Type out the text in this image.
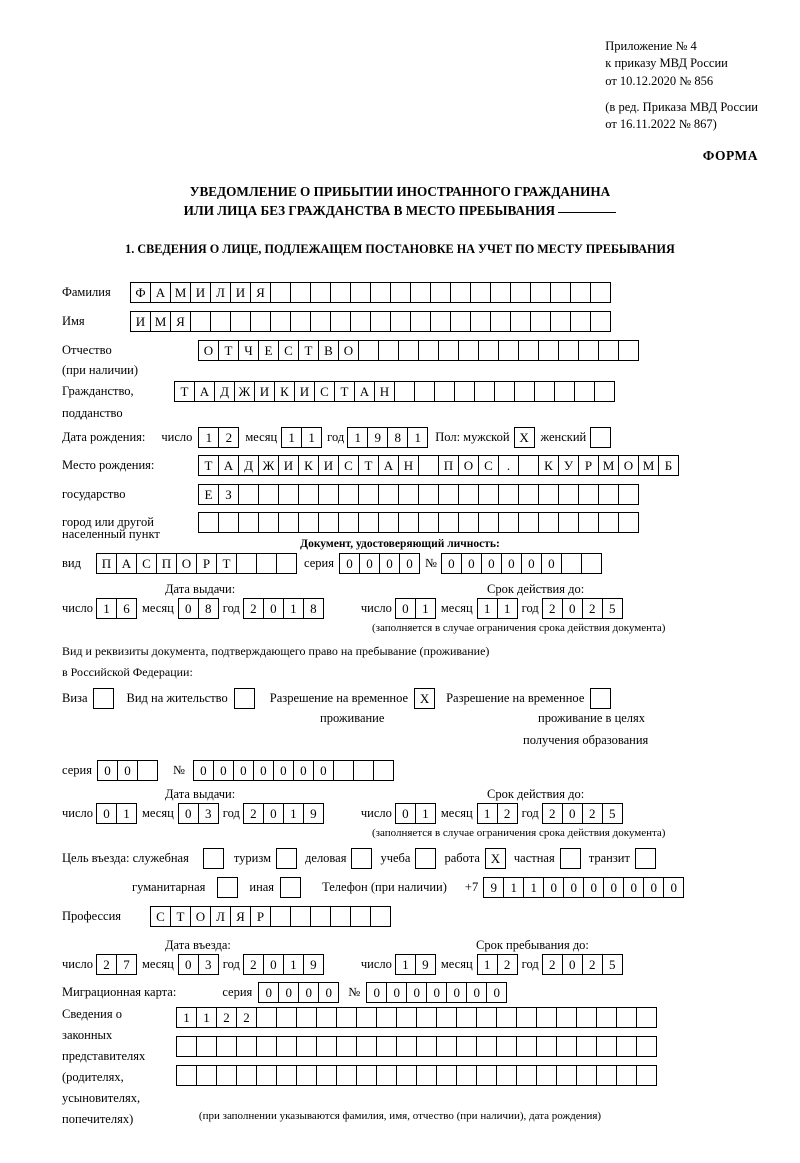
Приложение № 4
к приказу МВД России
от 10.12.2020 № 856
(в ред. Приказа МВД России
от 16.11.2022 № 867)
ФОРМА
УВЕДОМЛЕНИЕ О ПРИБЫТИИ ИНОСТРАННОГО ГРАЖДАНИНА
ИЛИ ЛИЦА БЕЗ ГРАЖДАНСТВА В МЕСТО ПРЕБЫВАНИЯ
1. СВЕДЕНИЯ О ЛИЦЕ, ПОДЛЕЖАЩЕМ ПОСТАНОВКЕ НА УЧЕТ ПО МЕСТУ ПРЕБЫВАНИЯ
Фамилия	Ф А М И Л И Я
Имя	И М Я
Отчество	О Т Ч Е С Т В О
(при наличии)
Гражданство,	Т А Д Ж И К И С Т А Н
подданство
Дата рождения: число	1	2	месяц 1	1 год 1	9	8	1	Пол: мужской Х женский
Место рождения:	Т А Д Ж И К И С Т А Н	П О С	.	К У Р М О М Б
государство	Е З
город или другой
населенный пункт
Документ, удостоверяющий личность:
вид	П А С П О Р Т	серия 0	0	0	0 № 0	0	0	0	0	0
Дата выдачи:	Срок действия до:
число 1	6 месяц 0	8 год 2	0	1	8	число 0	1 месяц 1	1 год 2	0	2	5
(заполняется в случае ограничения срока действия документа)
Вид и реквизиты документа, подтверждающего право на пребывание (проживание)
в Российской Федерации:
Виза	Вид на жительство	Разрешение на временное Х	Разрешение на временное
проживание	проживание в целях
получения образования
серия 0	0	№	0	0	0	0	0	0	0
Дата выдачи:	Срок действия до:
число 0	1 месяц 0	3 год 2	0	1	9	число 0	1 месяц 1	2 год 2	0	2	5
(заполняется в случае ограничения срока действия документа)
Цель въезда: служебная	туризм	деловая	учеба	работа Х	частная	транзит
гуманитарная	иная	Телефон (при наличии) +7 9	1	1	0	0	0	0	0	0	0
Профессия	С Т О Л Я Р
Дата въезда:	Срок пребывания до:
число 2	7 месяц 0	3 год 2	0	1	9	число 1	9 месяц 1	2 год 2	0	2	5
Миграционная карта:	серия	0	0	0	0	№	0	0	0	0	0	0	0
Сведения о
законных
представителях
(родителях,
усыновителях,
попечителях)
1	1	2	2
(при заполнении указываются фамилия, имя, отчество (при наличии), дата рождения)
